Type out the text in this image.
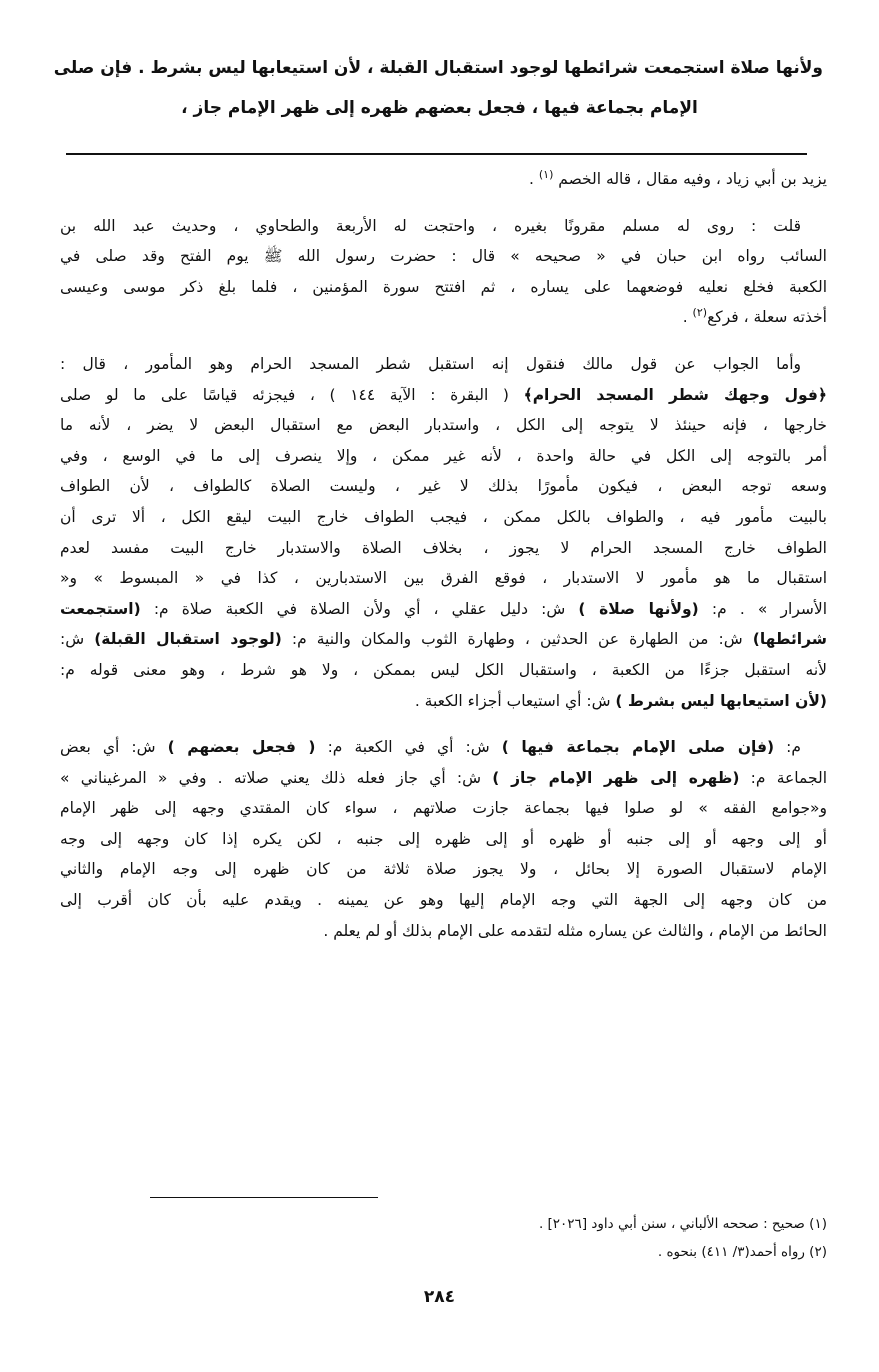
ولأنها صلاة استجمعت شرائطها لوجود استقبال القبلة ، لأن استيعابها ليس بشرط . فإن صلى
الإمام بجماعة فيها ، فجعل بعضهم ظهره إلى ظهر الإمام جاز ،

يزيد بن أبي زياد ، وفيه مقال ، قاله الخصم $^{(١)}$ .

قلت : روى له مسلم مقرونًا بغيره ، واحتجت له الأربعة والطحاوي ، وحديث عبد الله بن
السائب رواه ابن حبان في « صحيحه » قال : حضرت رسول الله ﷺ يوم الفتح وقد صلى في
الكعبة فخلع نعليه فوضعهما على يساره ، ثم افتتح سورة المؤمنين ، فلما بلغ ذكر موسى وعيسى
أخذته سعلة ، فركع$^{(٢)}$ .

وأما الجواب عن قول مالك فنقول إنه استقبل شطر المسجد الحرام وهو المأمور ، قال :
﴿فول وجهك شطر المسجد الحرام﴾ ( البقرة : الآية ١٤٤ ) ، فيجزئه قياسًا على ما لو صلى
خارجها ، فإنه حينئذ لا يتوجه إلى الكل ، واستدبار البعض مع استقبال البعض لا يضر ، لأنه ما
أمر بالتوجه إلى الكل في حالة واحدة ، لأنه غير ممكن ، وإلا ينصرف إلى ما في الوسع ، وفي
وسعه توجه البعض ، فيكون مأمورًا بذلك لا غير ، وليست الصلاة كالطواف ، لأن الطواف
بالبيت مأمور فيه ، والطواف بالكل ممكن ، فيجب الطواف خارج البيت ليقع الكل ، ألا ترى أن
الطواف خارج المسجد الحرام لا يجوز ، بخلاف الصلاة والاستدبار خارج البيت مفسد لعدم
استقبال ما هو مأمور لا الاستدبار ، فوقع الفرق بين الاستدبارين ، كذا في « المبسوط » و«
الأسرار » . م: (ولأنها صلاة ) ش: دليل عقلي ، أي ولأن الصلاة في الكعبة صلاة م: (استجمعت
شرائطها) ش: من الطهارة عن الحدثين ، وطهارة الثوب والمكان والنية م: (لوجود استقبال القبلة) ش:
لأنه استقبل جزءًا من الكعبة ، واستقبال الكل ليس بممكن ، ولا هو شرط ، وهو معنى قوله م:
(لأن استيعابها ليس بشرط ) ش: أي استيعاب أجزاء الكعبة .

م: (فإن صلى الإمام بجماعة فيها ) ش: أي في الكعبة م: ( فجعل بعضهم ) ش: أي بعض
الجماعة م: (ظهره إلى ظهر الإمام جاز ) ش: أي جاز فعله ذلك يعني صلاته . وفي « المرغيناني »
و«جوامع الفقه » لو صلوا فيها بجماعة جازت صلاتهم ، سواء كان المقتدي وجهه إلى ظهر الإمام
أو إلى وجهه أو إلى جنبه أو ظهره أو إلى ظهره إلى جنبه ، لكن يكره إذا كان وجهه إلى وجه
الإمام لاستقبال الصورة إلا بحائل ، ولا يجوز صلاة ثلاثة من كان ظهره إلى وجه الإمام والثاني
من كان وجهه إلى الجهة التي وجه الإمام إليها وهو عن يمينه . ويقدم عليه بأن كان أقرب إلى
الحائط من الإمام ، والثالث عن يساره مثله لتقدمه على الإمام بذلك أو لم يعلم .

(١) صحيح : صححه الألباني ، سنن أبي داود [٢٠٢٦] .
(٢) رواه أحمد(٣/ ٤١١) بنحوه .
٢٨٤
